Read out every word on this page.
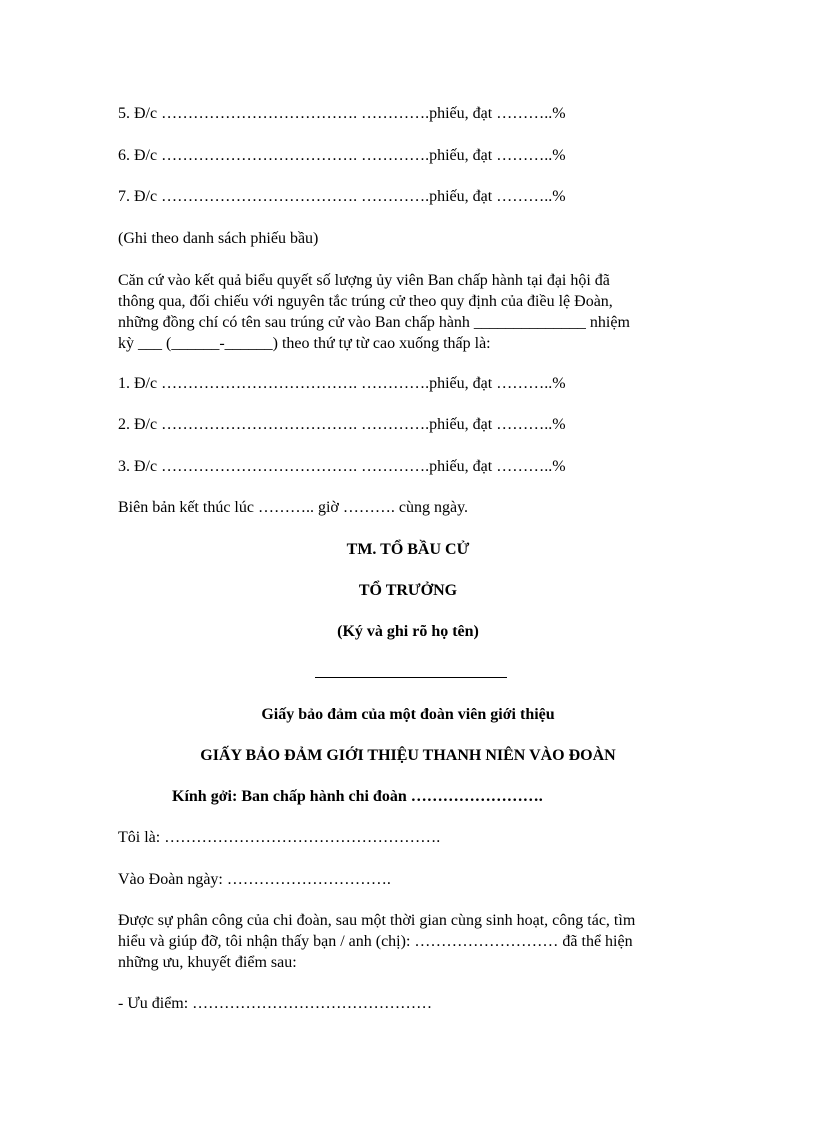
5. Đ/c ………………………………. ………….phiếu, đạt ………..%
6. Đ/c ………………………………. ………….phiếu, đạt ………..%
7. Đ/c ………………………………. ………….phiếu, đạt ………..%
(Ghi theo danh sách phiếu bầu)
Căn cứ vào kết quả biểu quyết số lượng ủy viên Ban chấp hành tại đại hội đã
thông qua, đối chiếu với nguyên tắc trúng cử theo quy định của điều lệ Đoàn,
những đồng chí có tên sau trúng cử vào Ban chấp hành ______________ nhiệm
kỳ ___ (______-______) theo thứ tự từ cao xuống thấp là:
1. Đ/c ………………………………. ………….phiếu, đạt ………..%
2. Đ/c ………………………………. ………….phiếu, đạt ………..%
3. Đ/c ………………………………. ………….phiếu, đạt ………..%
Biên bản kết thúc lúc ……….. giờ ………. cùng ngày.
TM. TỔ BẦU CỬ
TỔ TRƯỞNG
(Ký và ghi rõ họ tên)
Giấy bảo đảm của một đoàn viên giới thiệu
GIẤY BẢO ĐẢM GIỚI THIỆU THANH NIÊN VÀO ĐOÀN
Kính gởi: Ban chấp hành chi đoàn …………………….
Tôi là: …………………………………………….
Vào Đoàn ngày: ………………………….
Được sự phân công của chi đoàn, sau một thời gian cùng sinh hoạt, công tác, tìm
hiểu và giúp đỡ, tôi nhận thấy bạn / anh (chị): ……………………… đã thể hiện
những ưu, khuyết điểm sau:
- Ưu điểm: ………………………………………
